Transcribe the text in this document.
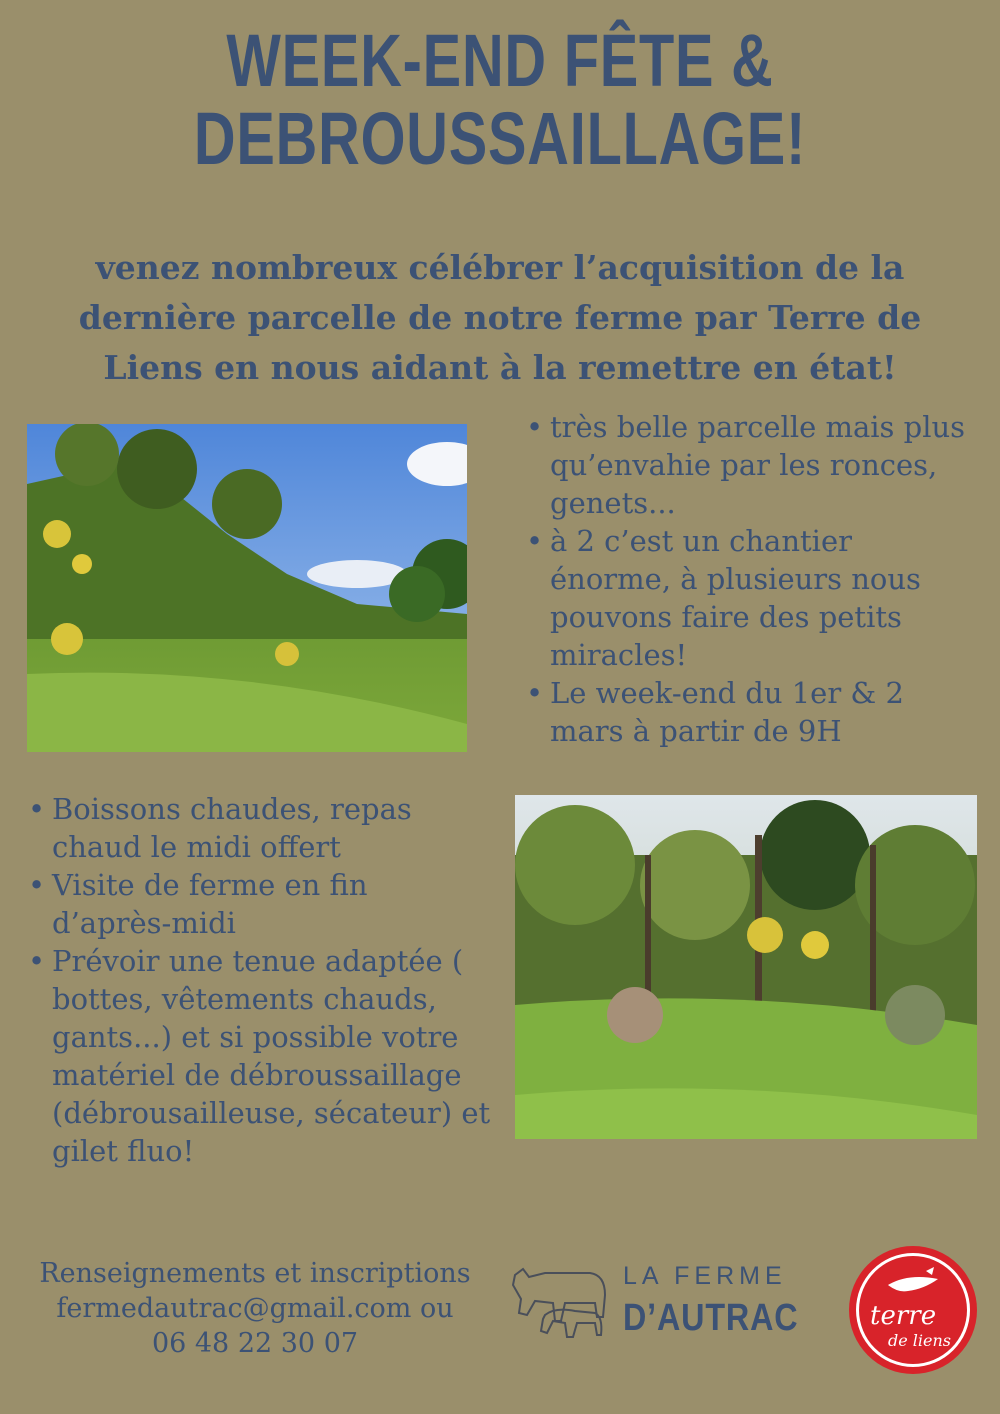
WEEK-END FÊTE &
DEBROUSSAILLAGE!
venez nombreux célébrer l’acquisition de la dernière parcelle de notre ferme par Terre de Liens en nous aidant à la remettre en état!
• très belle parcelle mais plus qu’envahie par les ronces, genets...
• à 2 c’est un chantier énorme, à plusieurs nous pouvons faire des petits miracles!
• Le week-end du 1er & 2 mars à partir de 9H
• Boissons chaudes, repas chaud le midi offert
• Visite de ferme en fin d’après-midi
• Prévoir une tenue adaptée ( bottes, vêtements chauds, gants...) et si possible votre matériel de débroussaillage (débrousailleuse, sécateur) et gilet fluo!
Renseignements et inscriptions
fermedautrac@gmail.com ou
06 48 22 30 07
LA FERME
D’AUTRAC	terre
de liens
